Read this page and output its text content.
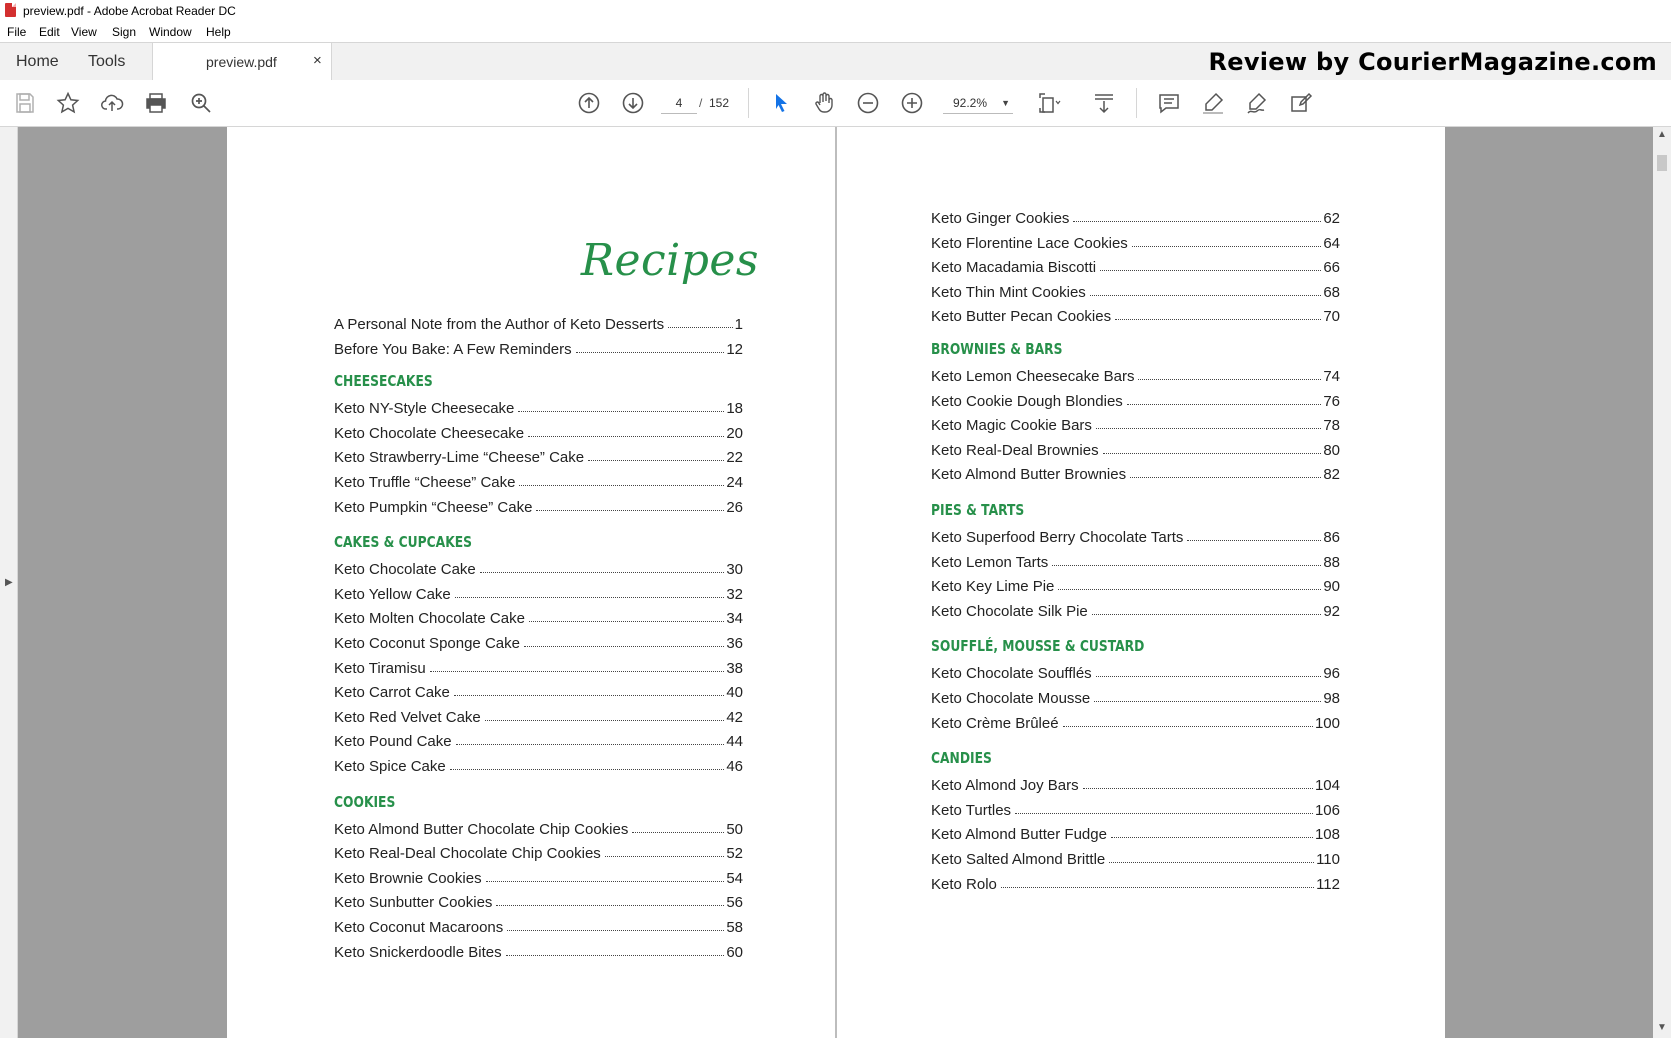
preview.pdf - Adobe Acrobat Reader DC
File Edit View Sign Window Help
Home Tools	preview.pdf ×	Review by CourierMagazine.com
4	/ 152	92.2% ▼
▶
Recipes
A Personal Note from the Author of Keto Desserts	1
Before You Bake: A Few Reminders	12
CHEESECAKES
Keto NY-Style Cheesecake	18
Keto Chocolate Cheesecake	20
Keto Strawberry-Lime “Cheese” Cake	22
Keto Truffle “Cheese” Cake	24
Keto Pumpkin “Cheese” Cake	26
CAKES & CUPCAKES
Keto Chocolate Cake	30
Keto Yellow Cake	32
Keto Molten Chocolate Cake	34
Keto Coconut Sponge Cake	36
Keto Tiramisu	38
Keto Carrot Cake	40
Keto Red Velvet Cake	42
Keto Pound Cake	44
Keto Spice Cake	46
COOKIES
Keto Almond Butter Chocolate Chip Cookies	50
Keto Real-Deal Chocolate Chip Cookies	52
Keto Brownie Cookies	54
Keto Sunbutter Cookies	56
Keto Coconut Macaroons	58
Keto Snickerdoodle Bites	60
Keto Ginger Cookies	62
Keto Florentine Lace Cookies	64
Keto Macadamia Biscotti	66
Keto Thin Mint Cookies	68
Keto Butter Pecan Cookies	70
BROWNIES & BARS
Keto Lemon Cheesecake Bars	74
Keto Cookie Dough Blondies	76
Keto Magic Cookie Bars	78
Keto Real-Deal Brownies	80
Keto Almond Butter Brownies	82
PIES & TARTS
Keto Superfood Berry Chocolate Tarts	86
Keto Lemon Tarts	88
Keto Key Lime Pie	90
Keto Chocolate Silk Pie	92
SOUFFLÉ, MOUSSE & CUSTARD
Keto Chocolate Soufflés	96
Keto Chocolate Mousse	98
Keto Crème Brûleé	100
CANDIES
Keto Almond Joy Bars	104
Keto Turtles	106
Keto Almond Butter Fudge	108
Keto Salted Almond Brittle	110
Keto Rolo	112
▲
▼
